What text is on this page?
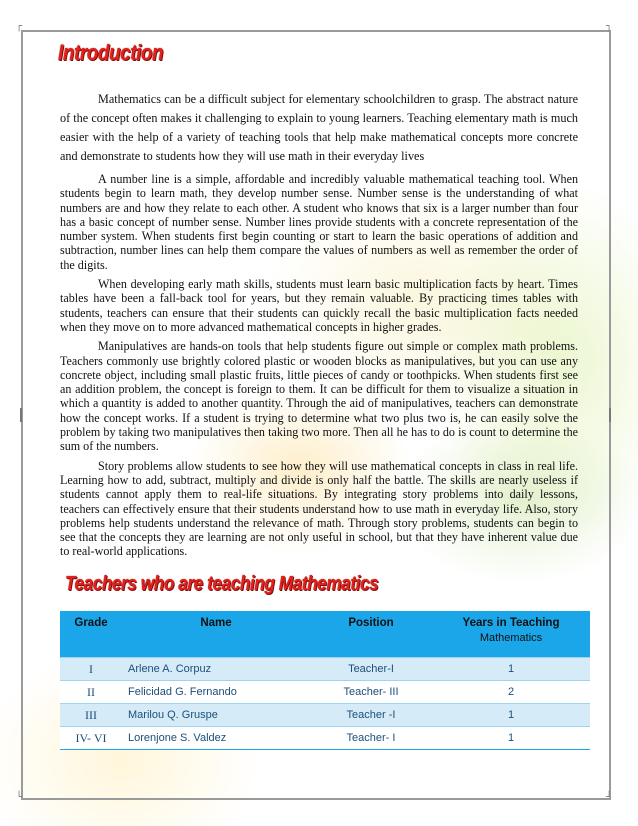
┌	┐
└	┘
Introduction

Mathematics can be a difficult subject for elementary schoolchildren to grasp. The abstract nature of the concept often makes it challenging to explain to young learners. Teaching elementary math is much easier with the help of a variety of teaching tools that help make mathematical concepts more concrete and demonstrate to students how they will use math in their everyday lives

A number line is a simple, affordable and incredibly valuable mathematical teaching tool. When students begin to learn math, they develop number sense. Number sense is the understanding of what numbers are and how they relate to each other. A student who knows that six is a larger number than four has a basic concept of number sense. Number lines provide students with a concrete representation of the number system. When students first begin counting or start to learn the basic operations of addition and subtraction, number lines can help them compare the values of numbers as well as remember the order of the digits.

When developing early math skills, students must learn basic multiplication facts by heart. Times tables have been a fall-back tool for years, but they remain valuable. By practicing times tables with students, teachers can ensure that their students can quickly recall the basic multiplication facts needed when they move on to more advanced mathematical concepts in higher grades.

Manipulatives are hands-on tools that help students figure out simple or complex math problems. Teachers commonly use brightly colored plastic or wooden blocks as manipulatives, but you can use any concrete object, including small plastic fruits, little pieces of candy or toothpicks. When students first see an addition problem, the concept is foreign to them. It can be difficult for them to visualize a situation in which a quantity is added to another quantity. Through the aid of manipulatives, teachers can demonstrate how the concept works. If a student is trying to determine what two plus two is, he can easily solve the problem by taking two manipulatives then taking two more. Then all he has to do is count to determine the sum of the numbers.

Story problems allow students to see how they will use mathematical concepts in class in real life. Learning how to add, subtract, multiply and divide is only half the battle. The skills are nearly useless if students cannot apply them to real-life situations. By integrating story problems into daily lessons, teachers can effectively ensure that their students understand how to use math in everyday life. Also, story problems help students understand the relevance of math. Through story problems, students can begin to see that the concepts they are learning are not only useful in school, but that they have inherent value due to real-world applications.

Teachers who are teaching Mathematics
Grade	Name	Position	Years in Teaching
Mathematics

I	Arlene A. Corpuz	Teacher-I	1
II	Felicidad G. Fernando	Teacher- III	2
III	Marilou Q. Gruspe	Teacher -I	1
IV- VI	Lorenjone S. Valdez	Teacher- I	1
